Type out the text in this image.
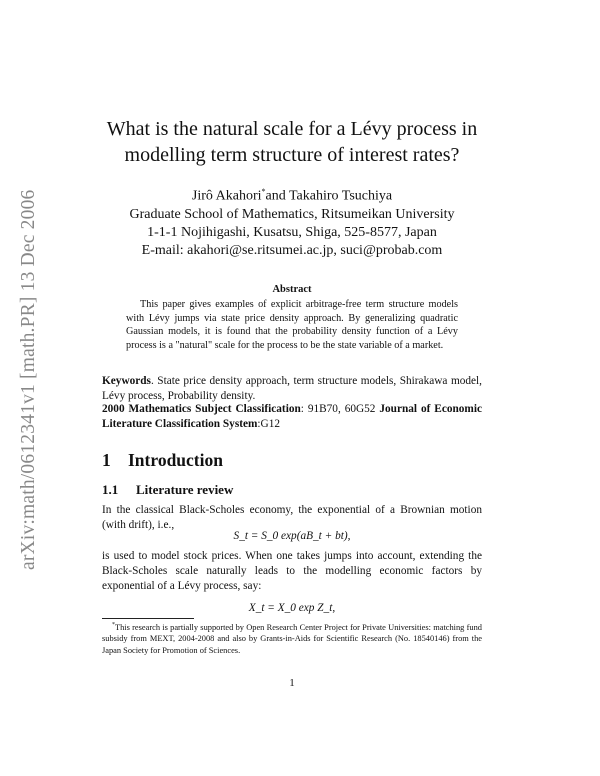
arXiv:math/0612341v1 [math.PR] 13 Dec 2006
What is the natural scale for a Lévy process in
modelling term structure of interest rates?
Jirô Akahori*and Takahiro Tsuchiya
Graduate School of Mathematics, Ritsumeikan University
1-1-1 Nojihigashi, Kusatsu, Shiga, 525-8577, Japan
E-mail: akahori@se.ritsumei.ac.jp, suci@probab.com
Abstract
This paper gives examples of explicit arbitrage-free term structure models with Lévy jumps via state price density approach. By generalizing quadratic Gaussian models, it is found that the probability density function of a Lévy process is a "natural" scale for the process to be the state variable of a market.
Keywords. State price density approach, term structure models, Shirakawa model, Lévy process, Probability density.
2000 Mathematics Subject Classification: 91B70, 60G52 Journal of Economic Literature Classification System:G12
1 Introduction
1.1 Literature review
In the classical Black-Scholes economy, the exponential of a Brownian motion (with drift), i.e.,
S_t = S_0 exp(aB_t + bt),
is used to model stock prices. When one takes jumps into account, extending the Black-Scholes scale naturally leads to the modelling economic factors by exponential of a Lévy process, say:
X_t = X_0 exp Z_t,
*This research is partially supported by Open Research Center Project for Private Universities: matching fund subsidy from MEXT, 2004-2008 and also by Grants-in-Aids for Scientific Research (No. 18540146) from the Japan Society for Promotion of Sciences.
1
